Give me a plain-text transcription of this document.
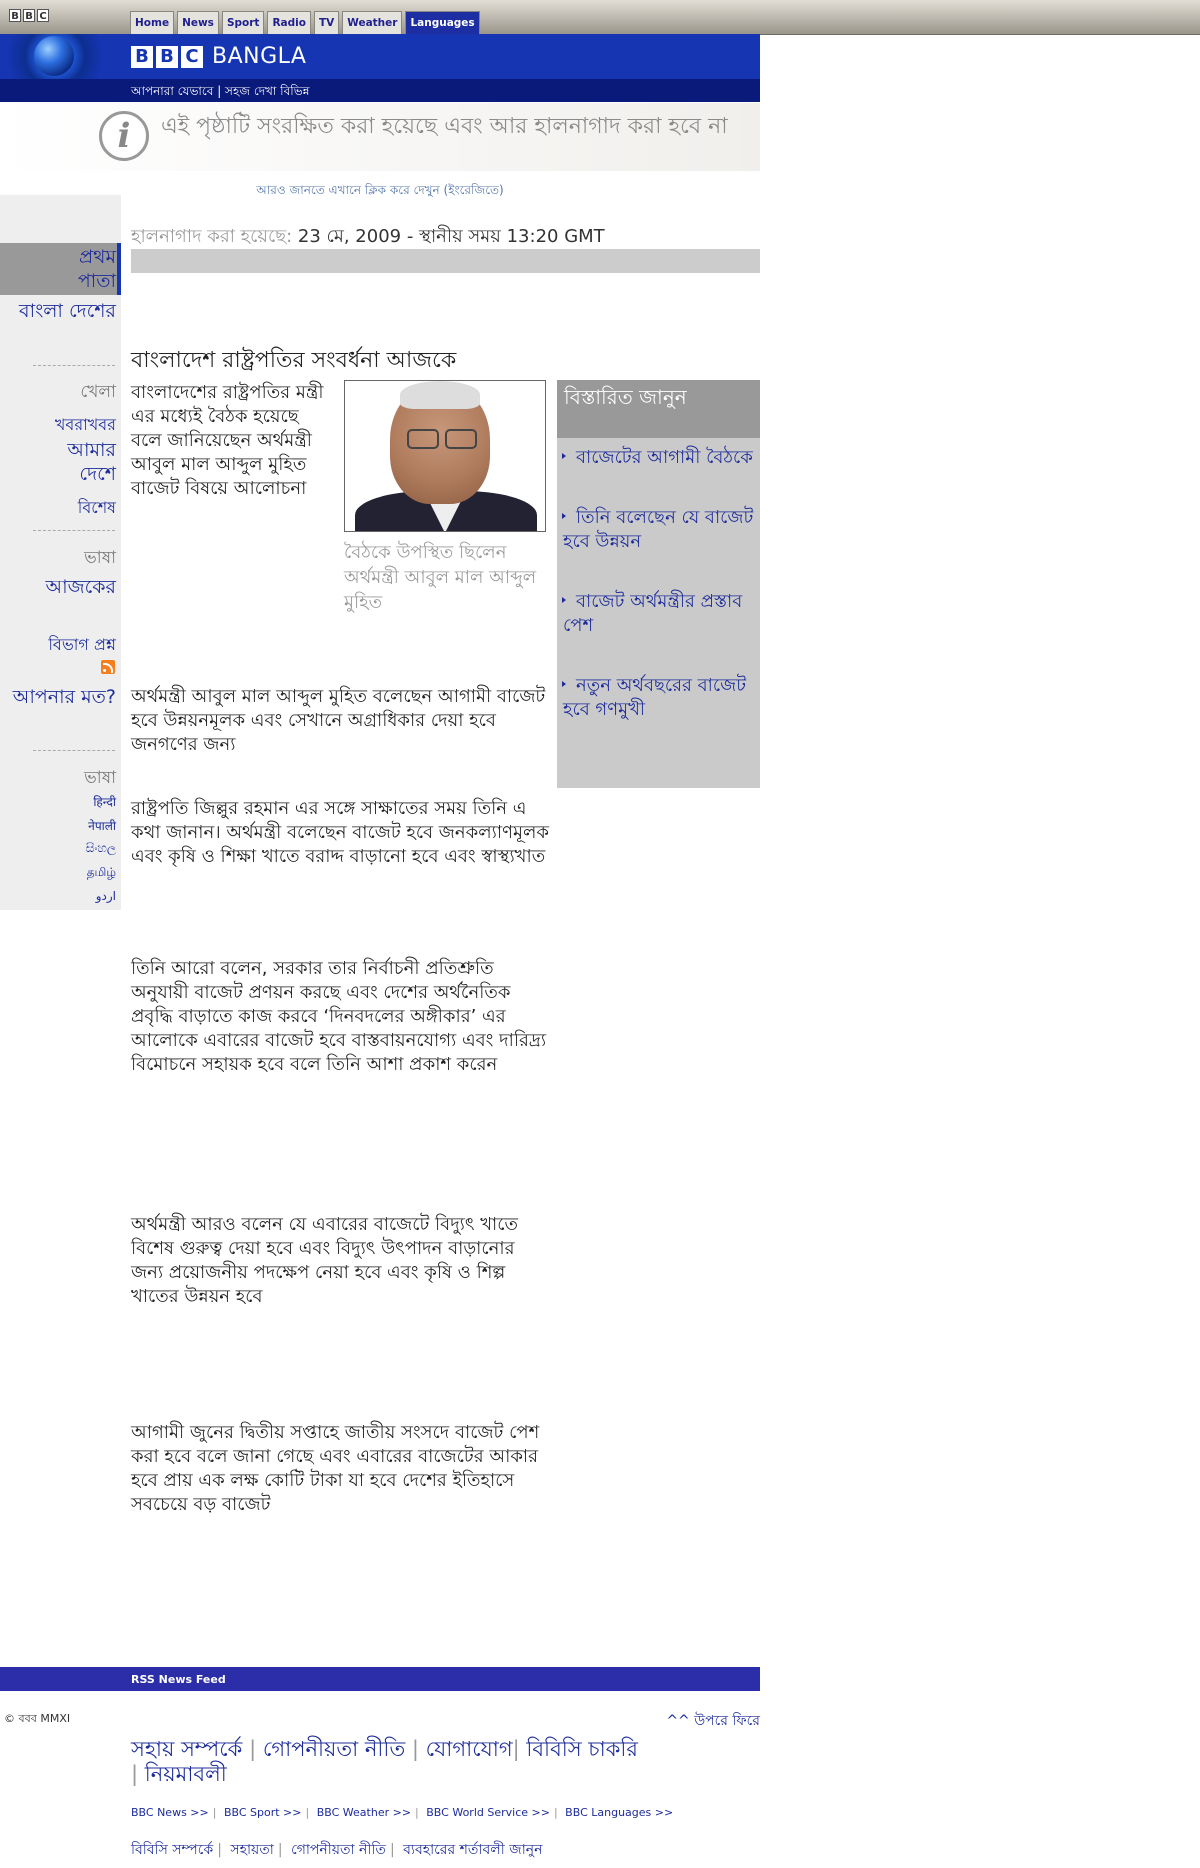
B B C
Home	News	Sport	Radio	TV	Weather	Languages
B B C BANGLA
আপনারা যেভাবে | সহজ দেখা বিভিন্ন
i	এই পৃষ্ঠাটি সংরক্ষিত করা হয়েছে এবং আর হালনাগাদ করা হবে না
আরও জানতে এখানে ক্লিক করে দেখুন (ইংরেজিতে)
প্রথম পাতা
বাংলা দেশের
খেলা
খবরাখবর
আমার দেশে
বিশেষ
ভাষা
আজকের
বিভাগ প্রশ্ন
আপনার মত?
ভাষা
हिन्दी
नेपाली
සිංහල
தமிழ்
اردو
হালনাগাদ করা হয়েছে: 23 মে, 2009 - স্থানীয় সময় 13:20 GMT
বাংলাদেশ রাষ্ট্রপতির সংবর্ধনা আজকে
বাংলাদেশের রাষ্ট্রপতির মন্ত্রী এর মধ্যেই বৈঠক হয়েছে বলে জানিয়েছেন অর্থমন্ত্রী আবুল মাল আব্দুল মুহিত বাজেট বিষয়ে আলোচনা
বৈঠকে উপস্থিত ছিলেন অর্থমন্ত্রী আবুল মাল আব্দুল মুহিত
বিস্তারিত জানুন
বাজেটের আগামী বৈঠকে
তিনি বলেছেন যে বাজেট হবে উন্নয়ন
বাজেট অর্থমন্ত্রীর প্রস্তাব পেশ
নতুন অর্থবছরের বাজেট হবে গণমুখী
অর্থমন্ত্রী আবুল মাল আব্দুল মুহিত বলেছেন আগামী বাজেট হবে উন্নয়নমূলক এবং সেখানে অগ্রাধিকার দেয়া হবে জনগণের জন্য
রাষ্ট্রপতি জিল্লুর রহমান এর সঙ্গে সাক্ষাতের সময় তিনি এ কথা জানান। অর্থমন্ত্রী বলেছেন বাজেট হবে জনকল্যাণমূলক এবং কৃষি ও শিক্ষা খাতে বরাদ্দ বাড়ানো হবে এবং স্বাস্থ্যখাত
তিনি আরো বলেন, সরকার তার নির্বাচনী প্রতিশ্রুতি অনুযায়ী বাজেট প্রণয়ন করছে এবং দেশের অর্থনৈতিক প্রবৃদ্ধি বাড়াতে কাজ করবে ‘দিনবদলের অঙ্গীকার’ এর আলোকে এবারের বাজেট হবে বাস্তবায়নযোগ্য এবং দারিদ্র্য বিমোচনে সহায়ক হবে বলে তিনি আশা প্রকাশ করেন
অর্থমন্ত্রী আরও বলেন যে এবারের বাজেটে বিদ্যুৎ খাতে বিশেষ গুরুত্ব দেয়া হবে এবং বিদ্যুৎ উৎপাদন বাড়ানোর জন্য প্রয়োজনীয় পদক্ষেপ নেয়া হবে এবং কৃষি ও শিল্প খাতের উন্নয়ন হবে
আগামী জুনের দ্বিতীয় সপ্তাহে জাতীয় সংসদে বাজেট পেশ করা হবে বলে জানা গেছে এবং এবারের বাজেটের আকার হবে প্রায় এক লক্ষ কোটি টাকা যা হবে দেশের ইতিহাসে সবচেয়ে বড় বাজেট
RSS News Feed
© ববব MMXI	^^ উপরে ফিরে
সহায় সম্পর্কে | গোপনীয়তা নীতি | যোগাযোগ| বিবিসি চাকরি
| নিয়মাবলী
BBC News >> | BBC Sport >> | BBC Weather >> | BBC World Service >> | BBC Languages >>
বিবিসি সম্পর্কে | সহায়তা | গোপনীয়তা নীতি | ব্যবহারের শর্তাবলী জানুন
